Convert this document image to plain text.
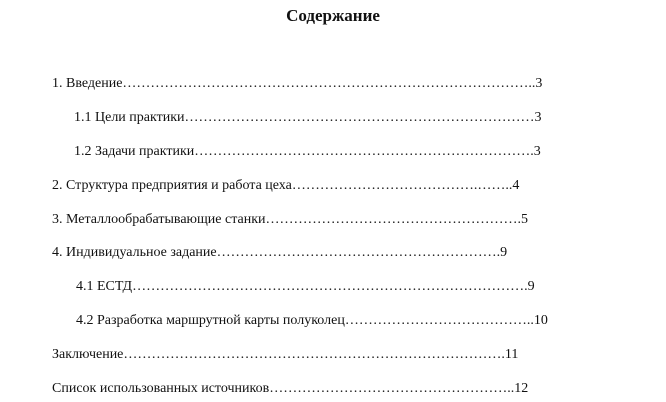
Содержание
1. Введение……………………………………………………………………………..3
1.1 Цели практики…………………………………………………………………3
1.2 Задачи практики……………………………………………………………….3
2. Структура предприятия и работа цеха………………………………….……..4
3. Металлообрабатывающие станки……………………………………………….5
4. Индивидуальное задание…………………………………………………….9
4.1 ЕСТД………………………………………………………………………….9
4.2 Разработка маршрутной карты полуколец…………………………………..10
Заключение……………………………………………………………………….11
Список использованных источников……………………………………………..12
